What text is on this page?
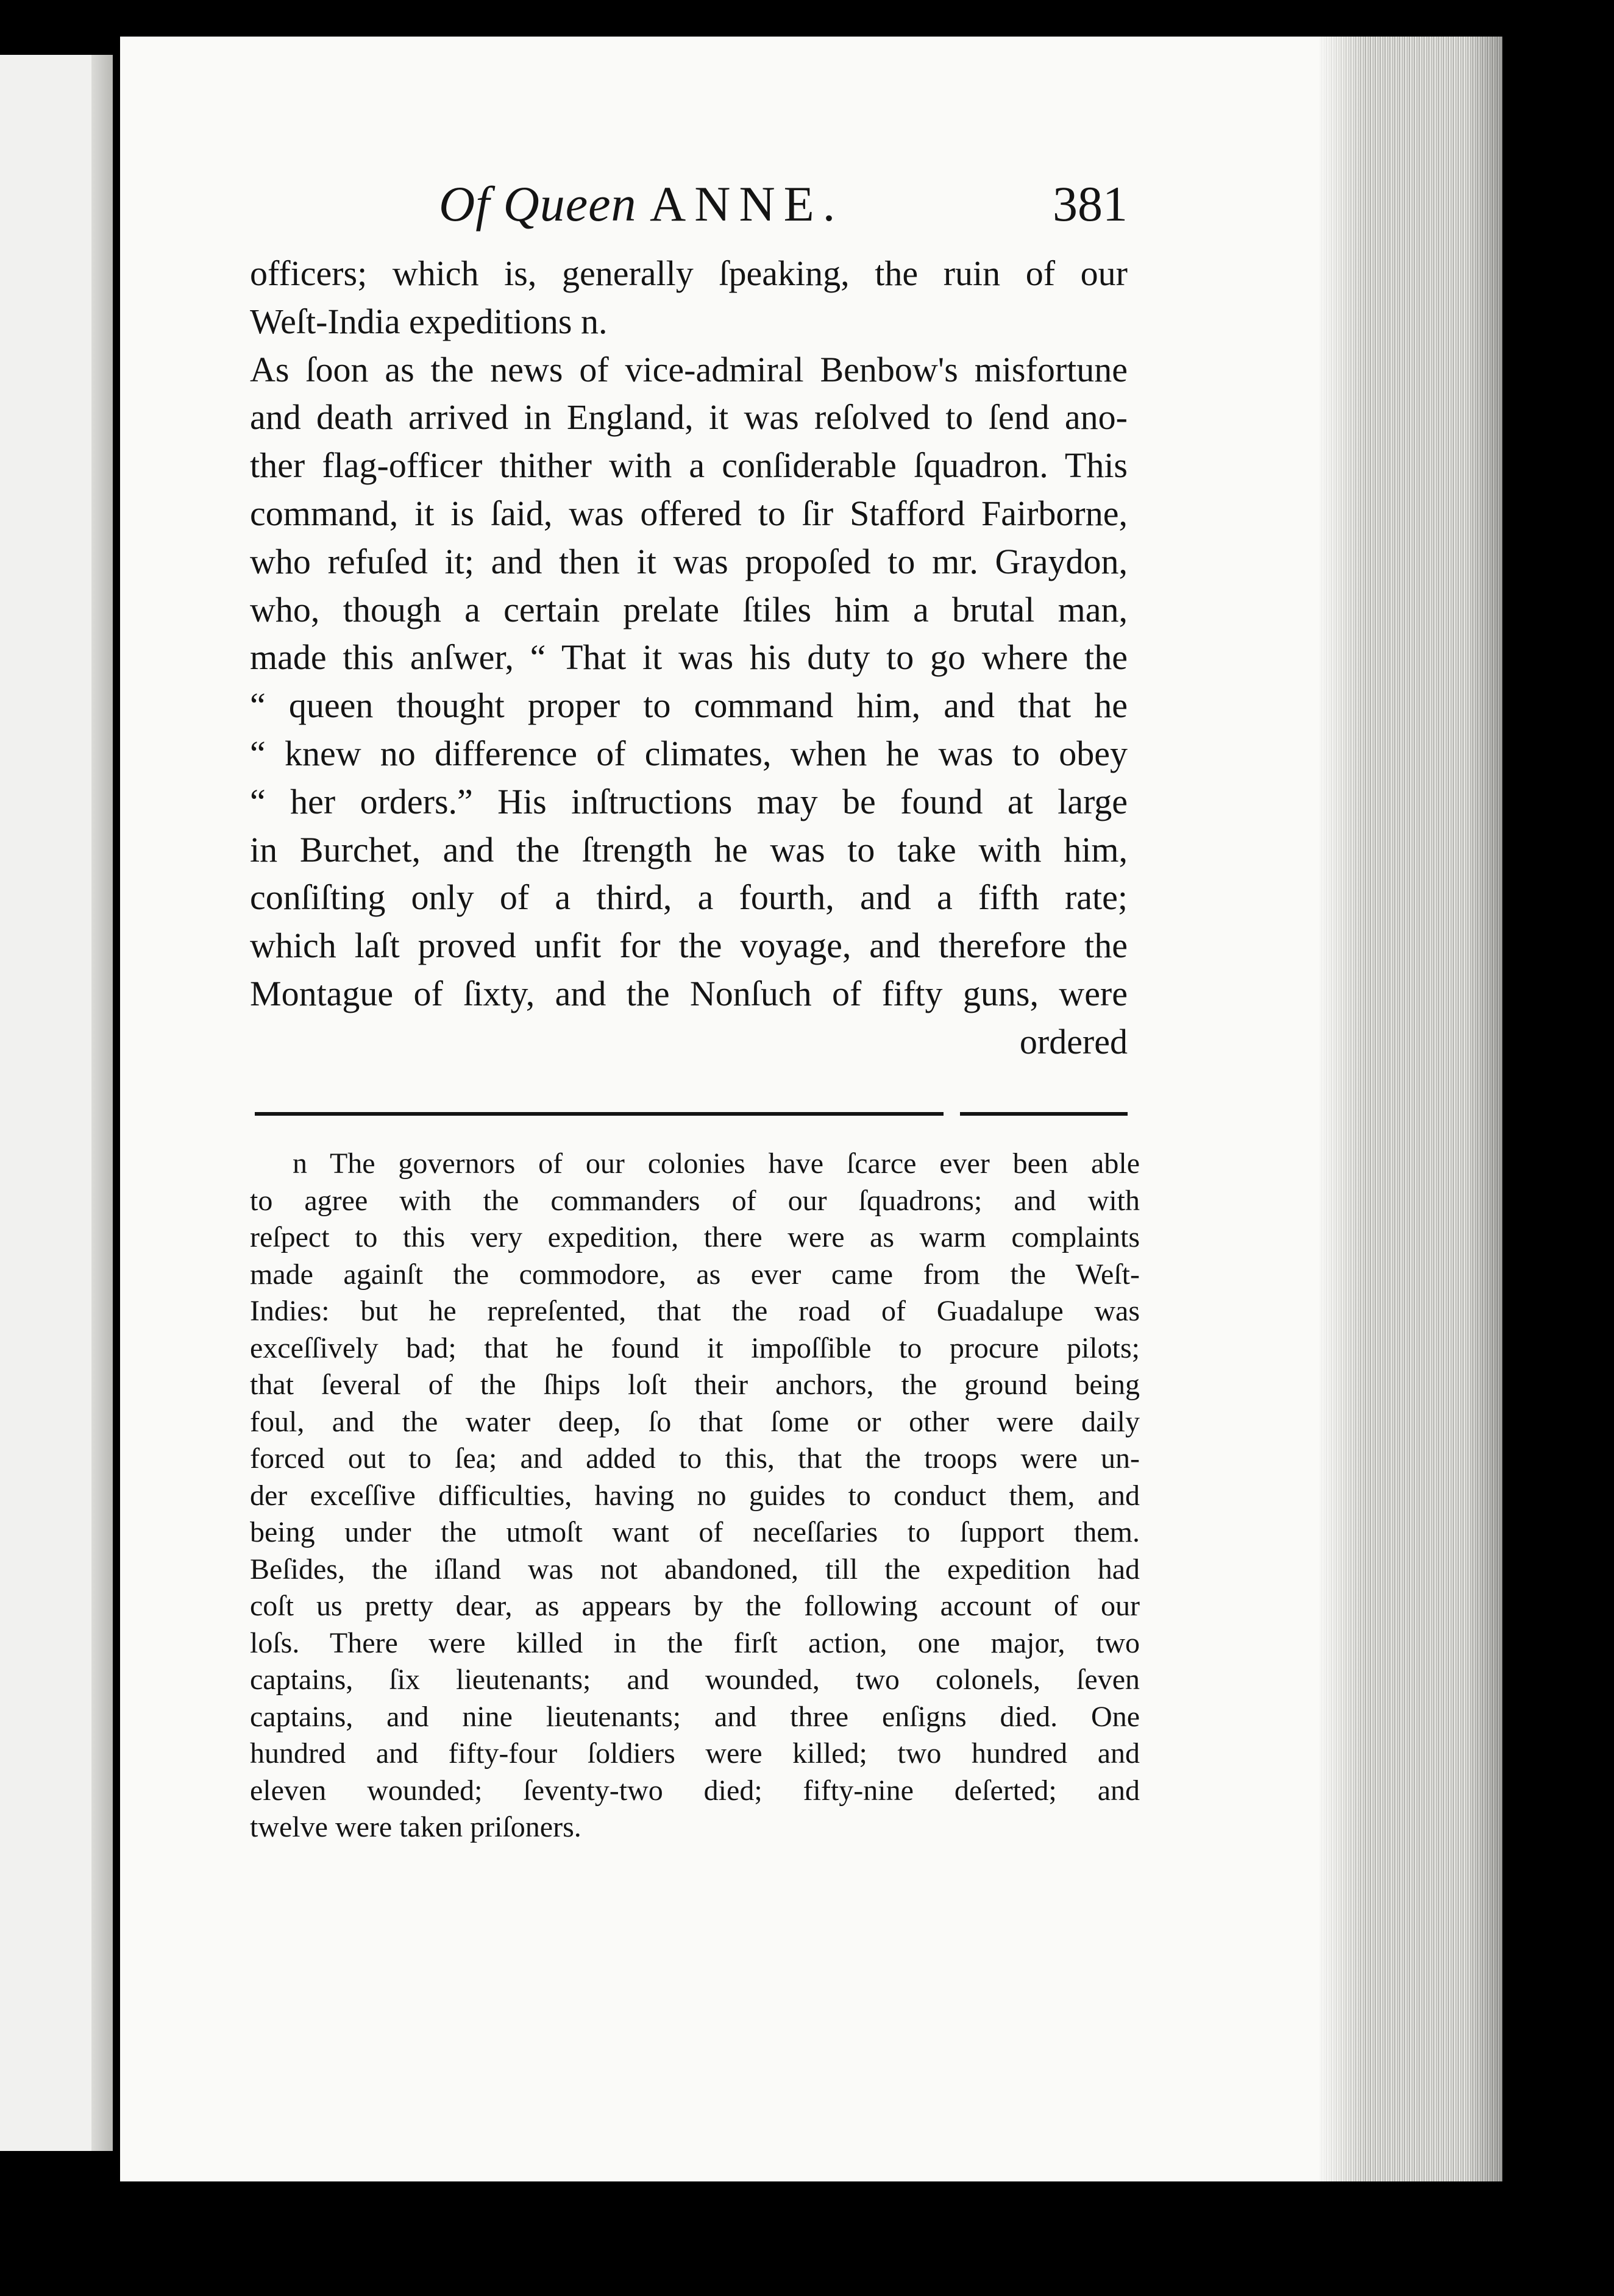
Of Queen ANNE.	381
officers; which is, generally ſpeaking, the ruin of our
Weſt-India expeditions n.
As ſoon as the news of vice-admiral Benbow's misfortune
and death arrived in England, it was reſolved to ſend ano-
ther flag-officer thither with a conſiderable ſquadron. This
command, it is ſaid, was offered to ſir Stafford Fairborne,
who refuſed it; and then it was propoſed to mr. Graydon,
who, though a certain prelate ſtiles him a brutal man,
made this anſwer, “ That it was his duty to go where the
“ queen thought proper to command him, and that he
“ knew no difference of climates, when he was to obey
“ her orders.” His inſtructions may be found at large
in Burchet, and the ſtrength he was to take with him,
conſiſting only of a third, a fourth, and a fifth rate;
which laſt proved unfit for the voyage, and therefore the
Montague of ſixty, and the Nonſuch of fifty guns, were
ordered
n The governors of our colonies have ſcarce ever been able
to agree with the commanders of our ſquadrons; and with
reſpect to this very expedition, there were as warm complaints
made againſt the commodore, as ever came from the Weſt-
Indies: but he repreſented, that the road of Guadalupe was
exceſſively bad; that he found it impoſſible to procure pilots;
that ſeveral of the ſhips loſt their anchors, the ground being
foul, and the water deep, ſo that ſome or other were daily
forced out to ſea; and added to this, that the troops were un-
der exceſſive difficulties, having no guides to conduct them, and
being under the utmoſt want of neceſſaries to ſupport them.
Beſides, the iſland was not abandoned, till the expedition had
coſt us pretty dear, as appears by the following account of our
loſs. There were killed in the firſt action, one major, two
captains, ſix lieutenants; and wounded, two colonels, ſeven
captains, and nine lieutenants; and three enſigns died. One
hundred and fifty-four ſoldiers were killed; two hundred and
eleven wounded; ſeventy-two died; fifty-nine deſerted; and
twelve were taken priſoners.
